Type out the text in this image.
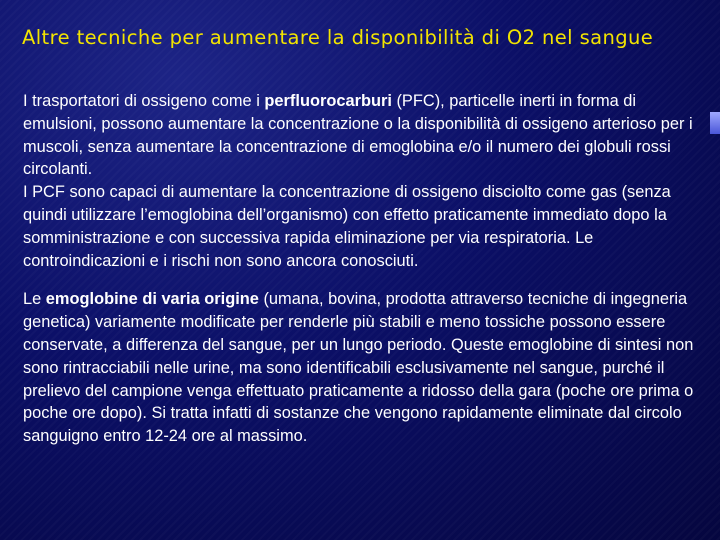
Altre tecniche per aumentare la disponibilità di O2 nel sangue

I trasportatori di ossigeno come i perfluorocarburi (PFC), particelle inerti in forma di emulsioni, possono aumentare la concentrazione o la disponibilità di ossigeno arterioso per i muscoli, senza aumentare la concentrazione di emoglobina e/o il numero dei globuli rossi circolanti.

I PCF sono capaci di aumentare la concentrazione di ossigeno disciolto come gas (senza quindi utilizzare l’emoglobina dell’organismo) con effetto praticamente immediato dopo la somministrazione e con successiva rapida eliminazione per via respiratoria. Le controindicazioni e i rischi non sono ancora conosciuti.

Le emoglobine di varia origine (umana, bovina, prodotta attraverso tecniche di ingegneria genetica) variamente modificate per renderle più stabili e meno tossiche possono essere conservate, a differenza del sangue, per un lungo periodo. Queste emoglobine di sintesi non sono rintracciabili nelle urine, ma sono identificabili esclusivamente nel sangue, purché il prelievo del campione venga effettuato praticamente a ridosso della gara (poche ore prima o poche ore dopo). Si tratta infatti di sostanze che vengono rapidamente eliminate dal circolo sanguigno entro 12-24 ore al massimo.
